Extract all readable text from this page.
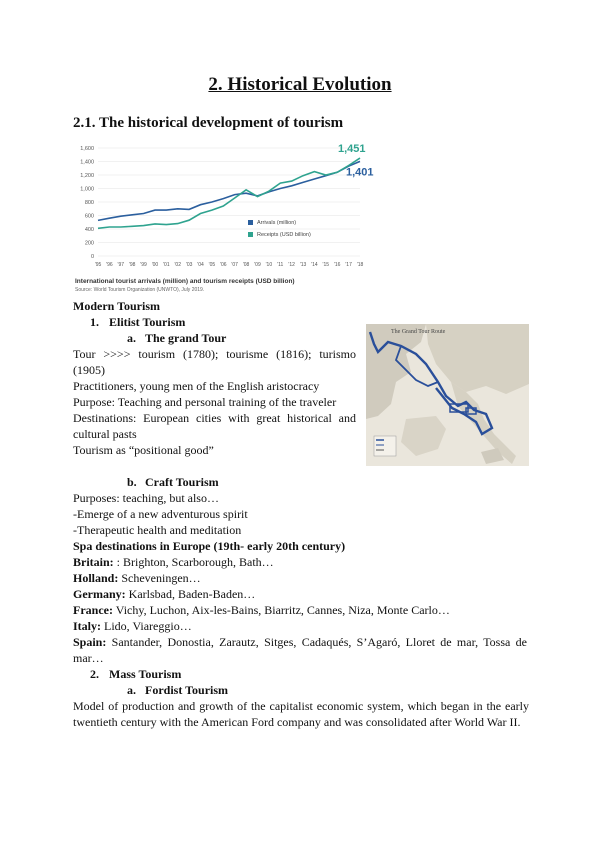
2. Historical Evolution
2.1. The historical development of tourism
0
200
400
600
800
1,000
1,200
1,400
1,600
'95 '96 '97 '98 '99 '00 '01 '02 '03 '04 '05 '06 '07 '08 '09 '10 '11 '12 '13 '14 '15 '16 '17 '18
Arrivals (million)
Receipts (USD billion)
1,451
1,401
International tourist arrivals (million) and tourism receipts (USD billion)
Source: World Tourism Organization (UNWTO), July 2019.
The Grand Tour Route
Modern Tourism
1. Elitist Tourism
a. The grand Tour
Tour >>>> tourism (1780); tourisme (1816); turismo (1905)
Practitioners, young men of the English aristocracy
Purpose: Teaching and personal training of the traveler
Destinations: European cities with great historical and cultural pasts
Tourism as “positional good”
b. Craft Tourism
Purposes: teaching, but also…
-Emerge of a new adventurous spirit
-Therapeutic health and meditation
Spa destinations in Europe (19th- early 20th century)
Britain: : Brighton, Scarborough, Bath…
Holland: Scheveningen…
Germany: Karlsbad, Baden-Baden…
France: Vichy, Luchon, Aix-les-Bains, Biarritz, Cannes, Niza, Monte Carlo…
Italy: Lido, Viareggio…
Spain: Santander, Donostia, Zarautz, Sitges, Cadaqués, S’Agaró, Lloret de mar, Tossa de mar…
2. Mass Tourism
a. Fordist Tourism
Model of production and growth of the capitalist economic system, which began in the early twentieth century with the American Ford company and was consolidated after World War II.
